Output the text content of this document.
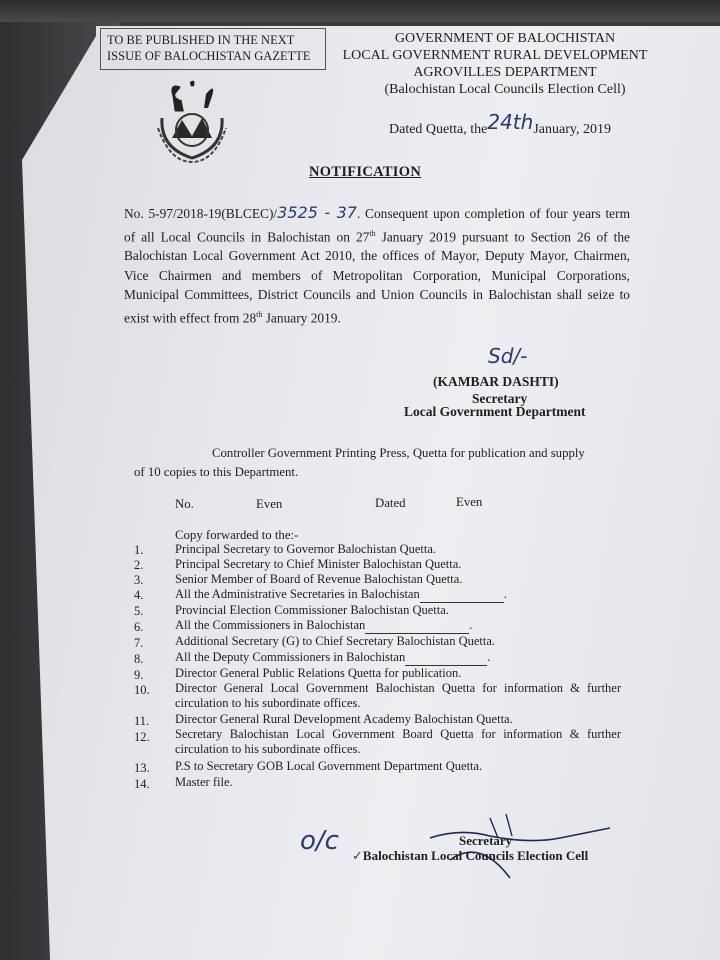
TO BE PUBLISHED IN THE NEXT
ISSUE OF BALOCHISTAN GAZETTE
GOVERNMENT OF BALOCHISTAN
LOCAL GOVERNMENT RURAL DEVELOPMENT
AGROVILLES DEPARTMENT
(Balochistan Local Councils Election Cell)
Dated Quetta, the24thJanuary, 2019
NOTIFICATION
No. 5-97/2018-19(BLCEC)/3525 - 37. Consequent upon completion of four years term of all Local Councils in Balochistan on 27th January 2019 pursuant to Section 26 of the Balochistan Local Government Act 2010, the offices of Mayor, Deputy Mayor, Chairmen, Vice Chairmen and members of Metropolitan Corporation, Municipal Corporations, Municipal Committees, District Councils and Union Councils in Balochistan shall seize to exist with effect from 28th January 2019.
Sd/-
(KAMBAR DASHTI)
Secretary
Local Government Department
Controller Government Printing Press, Quetta for publication and supply
of 10 copies to this Department.
No.	Even	Dated	Even
Copy forwarded to the:-
1.	Principal Secretary to Governor Balochistan Quetta.
2.	Principal Secretary to Chief Minister Balochistan Quetta.
3.	Senior Member of Board of Revenue Balochistan Quetta.
4.	All the Administrative Secretaries in Balochistan	.
5.	Provincial Election Commissioner Balochistan Quetta.
6.	All the Commissioners in Balochistan	.
7.	Additional Secretary (G) to Chief Secretary Balochistan Quetta.
8.	All the Deputy Commissioners in Balochistan	.
9.	Director General Public Relations Quetta for publication.
10.	Director General Local Government Balochistan Quetta for information & further circulation to his subordinate offices.
11.	Director General Rural Development Academy Balochistan Quetta.
12.	Secretary Balochistan Local Government Board Quetta for information & further circulation to his subordinate offices.
13.	P.S to Secretary GOB Local Government Department Quetta.
14.	Master file.
o/c	Secretary
✓Balochistan Local Councils Election Cell
